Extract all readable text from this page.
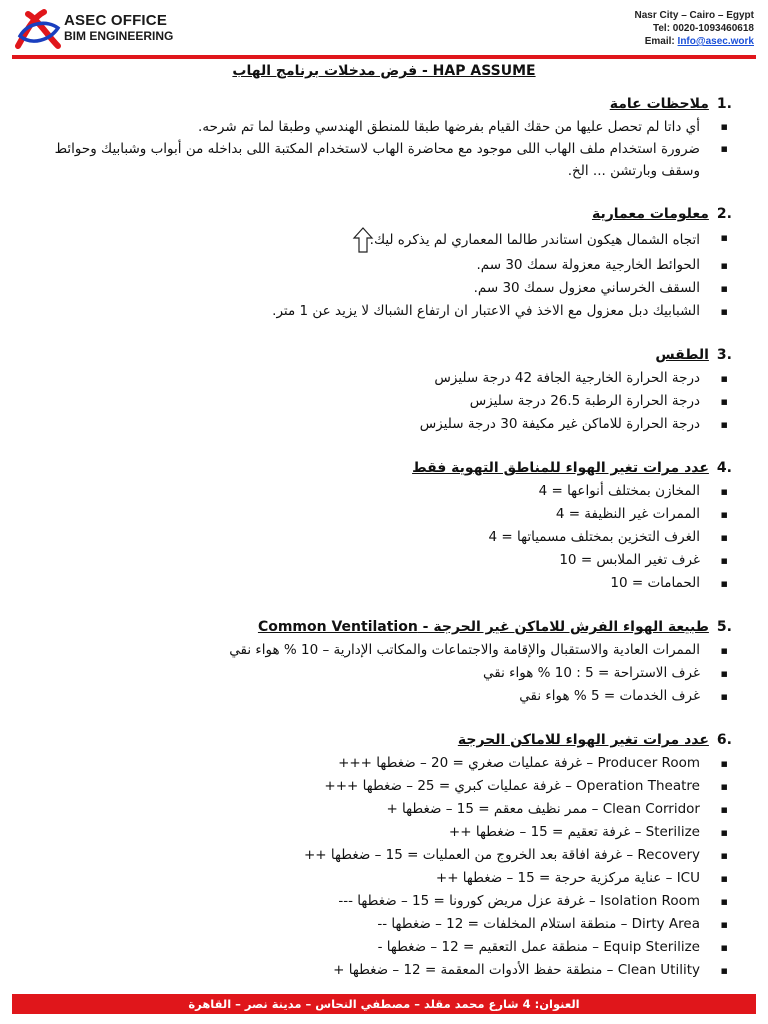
ASEC OFFICE
BIM ENGINEERING
Nasr City – Cairo – Egypt
Tel: 0020-1093460618
Email: Info@asec.work
فرض مدخلات برنامج الهاب - HAP ASSUME
.1ملاحظات عامة
▪ أي داتا لم تحصل عليها من حقك القيام بفرضها طبقا للمنطق الهندسي وطبقا لما تم شرحه.
▪ ضرورة استخدام ملف الهاب اللى موجود مع محاضرة الهاب لاستخدام المكتبة اللى بداخله من أبواب وشبابيك وحوائط وسقف وبارتشن ... الخ.
.2معلومات معمارية
▪ اتجاه الشمال هيكون استاندر طالما المعماري لم يذكره ليك.
▪ الحوائط الخارجية معزولة سمك 30 سم.
▪ السقف الخرساني معزول سمك 30 سم.
▪ الشبابيك دبل معزول مع الاخذ في الاعتبار ان ارتفاع الشباك لا يزيد عن 1 متر.
.3الطقس
▪ درجة الحرارة الخارجية الجافة 42 درجة سليزس
▪ درجة الحرارة الرطبة 26.5 درجة سليزس
▪ درجة الحرارة للاماكن غير مكيفة 30 درجة سليزس
.4عدد مرات تغير الهواء للمناطق التهوية فقط
▪ المخازن بمختلف أنواعها = 4
▪ الممرات غير النظيفة = 4
▪ الغرف التخزين بمختلف مسمياتها = 4
▪ غرف تغير الملابس = 10
▪ الحمامات = 10
.5طبيعة الهواء الفرش للاماكن غير الحرجة - Common Ventilation
▪ الممرات العادية والاستقبال والإقامة والاجتماعات والمكاتب الإدارية – 10 % هواء نقي
▪ غرف الاستراحة = 5 : 10 % هواء نقي
▪ غرف الخدمات = 5 % هواء نقي
.6عدد مرات تغير الهواء للاماكن الحرجة
▪ Producer Room – غرفة عمليات صغري = 20 – ضغطها +++
▪ Operation Theatre – غرفة عمليات كبري = 25 – ضغطها +++
▪ Clean Corridor – ممر نظيف معقم = 15 – ضغطها +
▪ Sterilize – غرفة تعقيم = 15 – ضغطها ++
▪ Recovery – غرفة افاقة بعد الخروج من العمليات = 15 – ضغطها ++
▪ ICU – عناية مركزية حرجة = 15 – ضغطها ++
▪ Isolation Room – غرفة عزل مريض كورونا = 15 – ضغطها ---
▪ Dirty Area – منطقة استلام المخلفات = 12 – ضغطها --
▪ Equip Sterilize – منطقة عمل التعقيم = 12 – ضغطها -
▪ Clean Utility – منطقة حفظ الأدوات المعقمة = 12 – ضغطها +
العنوان: 4 شارع محمد مقلد – مصطفي النحاس – مدينة نصر – القاهرة
